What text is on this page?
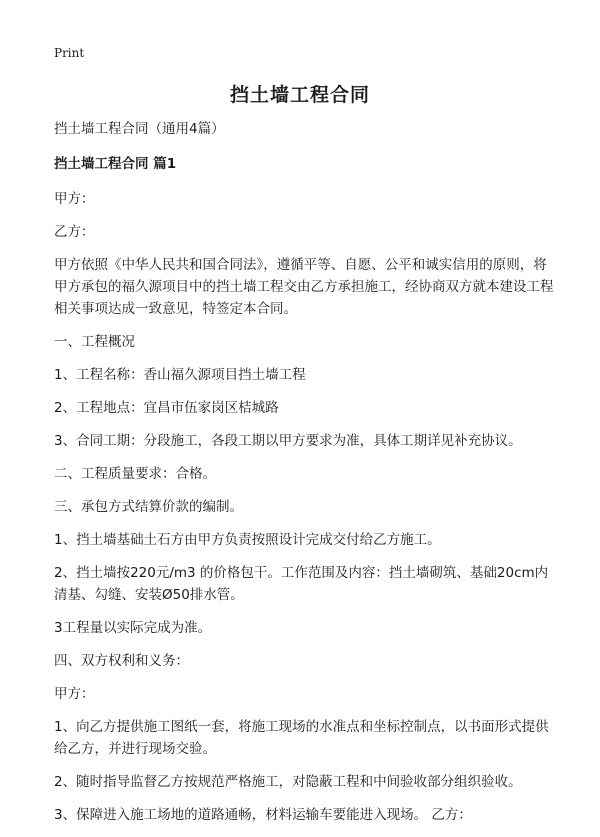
Print
挡土墙工程合同

挡土墙工程合同（通用4篇）

挡土墙工程合同 篇1

甲方：

乙方：

甲方依照《中华人民共和国合同法》，遵循平等、自愿、公平和诚实信用的原则，将甲方承包的福久源项目中的挡土墙工程交由乙方承担施工，经协商双方就本建设工程相关事项达成一致意见，特签定本合同。

一、工程概况

1、工程名称：香山福久源项目挡土墙工程

2、工程地点：宜昌市伍家岗区桔城路

3、合同工期：分段施工，各段工期以甲方要求为准，具体工期详见补充协议。

二、工程质量要求：合格。

三、承包方式结算价款的编制。

1、挡土墙基础土石方由甲方负责按照设计完成交付给乙方施工。

2、挡土墙按220元/m3 的价格包干。工作范围及内容：挡土墙砌筑、基础20cm内清基、勾缝、安装Ø50排水管。

3工程量以实际完成为准。

四、双方权利和义务：

甲方：

1、向乙方提供施工图纸一套，将施工现场的水准点和坐标控制点，以书面形式提供给乙方，并进行现场交验。

2、随时指导监督乙方按规范严格施工，对隐蔽工程和中间验收部分组织验收。

3、保障进入施工场地的道路通畅，材料运输车要能进入现场。 乙方：
